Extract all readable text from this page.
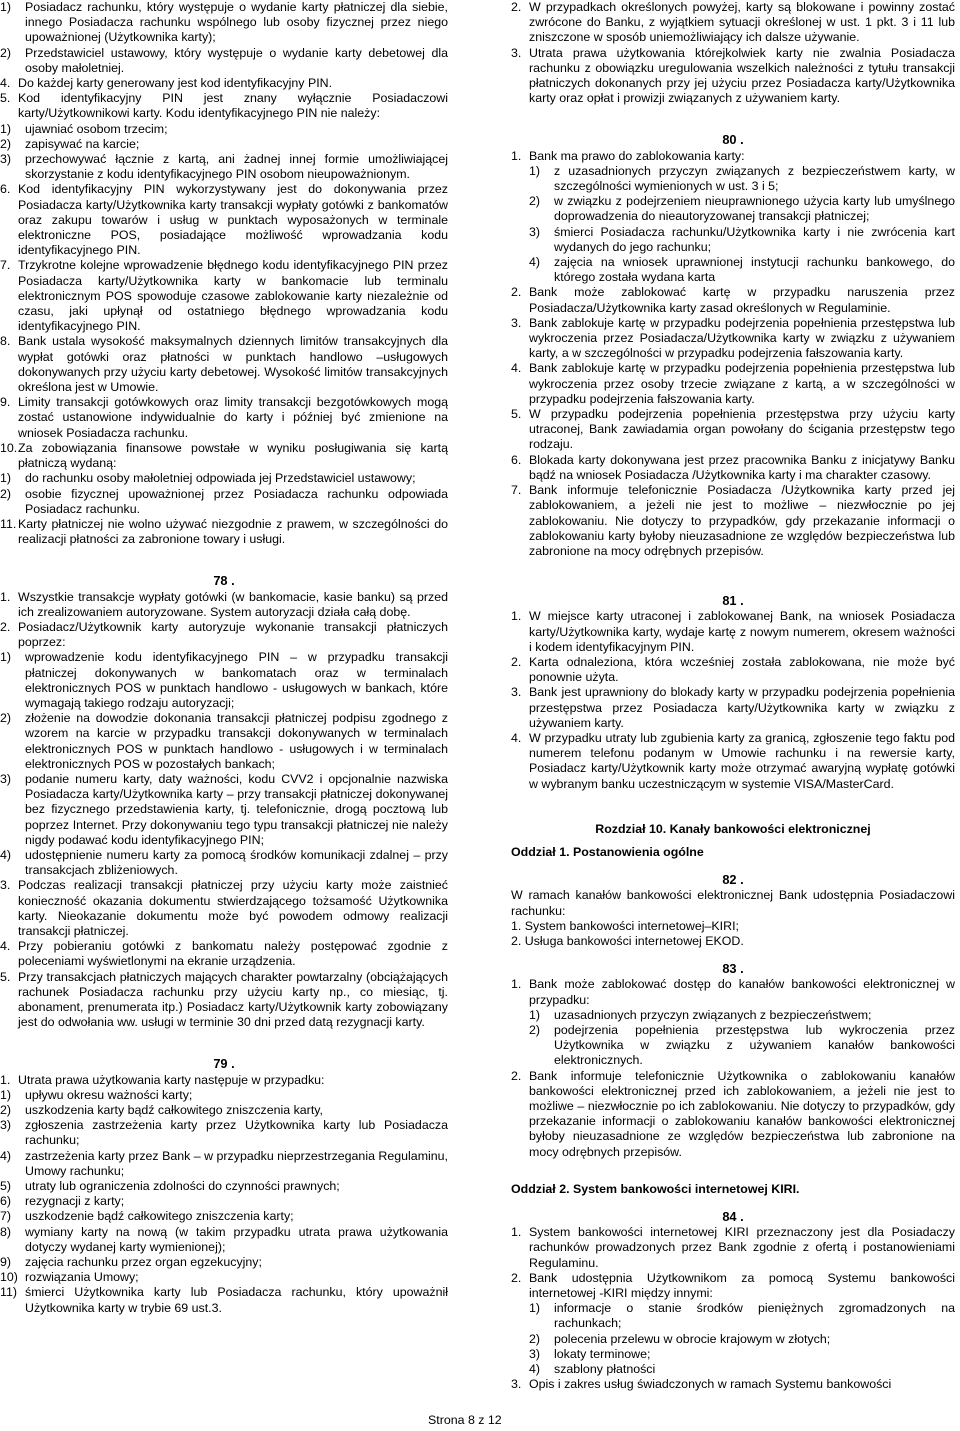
1) Posiadacz rachunku, który występuje o wydanie karty płatniczej dla siebie, innego Posiadacza rachunku wspólnego lub osoby fizycznej przez niego upoważnionej (Użytkownika karty);
2) Przedstawiciel ustawowy, który występuje o wydanie karty debetowej dla osoby małoletniej.
4. Do każdej karty generowany jest kod identyfikacyjny PIN.
5. Kod identyfikacyjny PIN jest znany wyłącznie Posiadaczowi karty/Użytkownikowi karty. Kodu identyfikacyjnego PIN nie należy:
1) ujawniać osobom trzecim;
2) zapisywać na karcie;
3) przechowywać łącznie z kartą, ani żadnej innej formie umożliwiającej skorzystanie z kodu identyfikacyjnego PIN osobom nieupoważnionym.
6. Kod identyfikacyjny PIN wykorzystywany jest do dokonywania przez Posiadacza karty/Użytkownika karty transakcji wypłaty gotówki z bankomatów oraz zakupu towarów i usług w punktach wyposażonych w terminale elektroniczne POS, posiadające możliwość wprowadzania kodu identyfikacyjnego PIN.
7. Trzykrotne kolejne wprowadzenie błędnego kodu identyfikacyjnego PIN przez Posiadacza karty/Użytkownika karty w bankomacie lub terminalu elektronicznym POS spowoduje czasowe zablokowanie karty niezależnie od czasu, jaki upłynął od ostatniego błędnego wprowadzania kodu identyfikacyjnego PIN.
8. Bank ustala wysokość maksymalnych dziennych limitów transakcyjnych dla wypłat gotówki oraz płatności w punktach handlowo –usługowych dokonywanych przy użyciu karty debetowej. Wysokość limitów transakcyjnych określona jest w Umowie.
9. Limity transakcji gotówkowych oraz limity transakcji bezgotówkowych mogą zostać ustanowione indywidualnie do karty i później być zmienione na wniosek Posiadacza rachunku.
10. Za zobowiązania finansowe powstałe w wyniku posługiwania się kartą płatniczą wydaną:
1) do rachunku osoby małoletniej odpowiada jej Przedstawiciel ustawowy;
2) osobie fizycznej upoważnionej przez Posiadacza rachunku odpowiada Posiadacz rachunku.
11. Karty płatniczej nie wolno używać niezgodnie z prawem, w szczególności do realizacji płatności za zabronione towary i usługi.
78 .
1. Wszystkie transakcje wypłaty gotówki (w bankomacie, kasie banku) są przed ich zrealizowaniem autoryzowane. System autoryzacji działa całą dobę.
2. Posiadacz/Użytkownik karty autoryzuje wykonanie transakcji płatniczych poprzez:
1) wprowadzenie kodu identyfikacyjnego PIN – w przypadku transakcji płatniczej dokonywanych w bankomatach oraz w terminalach elektronicznych POS w punktach handlowo - usługowych w bankach, które wymagają takiego rodzaju autoryzacji;
2) złożenie na dowodzie dokonania transakcji płatniczej podpisu zgodnego z wzorem na karcie w przypadku transakcji dokonywanych w terminalach elektronicznych POS w punktach handlowo - usługowych i w terminalach elektronicznych POS w pozostałych bankach;
3) podanie numeru karty, daty ważności, kodu CVV2 i opcjonalnie nazwiska Posiadacza karty/Użytkownika karty – przy transakcji płatniczej dokonywanej bez fizycznego przedstawienia karty, tj. telefonicznie, drogą pocztową lub poprzez Internet. Przy dokonywaniu tego typu transakcji płatniczej nie należy nigdy podawać kodu identyfikacyjnego PIN;
4) udostępnienie numeru karty za pomocą środków komunikacji zdalnej – przy transakcjach zbliżeniowych.
3. Podczas realizacji transakcji płatniczej przy użyciu karty może zaistnieć konieczność okazania dokumentu stwierdzającego tożsamość Użytkownika karty. Nieokazanie dokumentu może być powodem odmowy realizacji transakcji płatniczej.
4. Przy pobieraniu gotówki z bankomatu należy postępować zgodnie z poleceniami wyświetlonymi na ekranie urządzenia.
5. Przy transakcjach płatniczych mających charakter powtarzalny (obciążających rachunek Posiadacza rachunku przy użyciu karty np., co miesiąc, tj. abonament, prenumerata itp.) Posiadacz karty/Użytkownik karty zobowiązany jest do odwołania ww. usługi w terminie 30 dni przed datą rezygnacji karty.
79 .
1. Utrata prawa użytkowania karty następuje w przypadku:
1) upływu okresu ważności karty;
2) uszkodzenia karty bądź całkowitego zniszczenia karty,
3) zgłoszenia zastrzeżenia karty przez Użytkownika karty lub Posiadacza rachunku;
4) zastrzeżenia karty przez Bank – w przypadku nieprzestrzegania Regulaminu, Umowy rachunku;
5) utraty lub ograniczenia zdolności do czynności prawnych;
6) rezygnacji z karty;
7) uszkodzenie bądź całkowitego zniszczenia karty;
8) wymiany karty na nową (w takim przypadku utrata prawa użytkowania dotyczy wydanej karty wymienionej);
9) zajęcia rachunku przez organ egzekucyjny;
10) rozwiązania Umowy;
11) śmierci Użytkownika karty lub Posiadacza rachunku, który upoważnił Użytkownika karty w trybie 69 ust.3.
2. W przypadkach określonych powyżej, karty są blokowane i powinny zostać zwrócone do Banku, z wyjątkiem sytuacji określonej w ust. 1 pkt. 3 i 11 lub zniszczone w sposób uniemożliwiający ich dalsze używanie.
3. Utrata prawa użytkowania którejkolwiek karty nie zwalnia Posiadacza rachunku z obowiązku uregulowania wszelkich należności z tytułu transakcji płatniczych dokonanych przy jej użyciu przez Posiadacza karty/Użytkownika karty oraz opłat i prowizji związanych z używaniem karty.
80 .
1. Bank ma prawo do zablokowania karty:
1) z uzasadnionych przyczyn związanych z bezpieczeństwem karty, w szczególności wymienionych w ust. 3 i 5;
2) w związku z podejrzeniem nieuprawnionego użycia karty lub umyślnego doprowadzenia do nieautoryzowanej transakcji płatniczej;
3) śmierci Posiadacza rachunku/Użytkownika karty i nie zwrócenia kart wydanych do jego rachunku;
4) zajęcia na wniosek uprawnionej instytucji rachunku bankowego, do którego została wydana karta
2. Bank może zablokować kartę w przypadku naruszenia przez Posiadacza/Użytkownika karty zasad określonych w Regulaminie.
3. Bank zablokuje kartę w przypadku podejrzenia popełnienia przestępstwa lub wykroczenia przez Posiadacza/Użytkownika karty w związku z używaniem karty, a w szczególności w przypadku podejrzenia fałszowania karty.
4. Bank zablokuje kartę w przypadku podejrzenia popełnienia przestępstwa lub wykroczenia przez osoby trzecie związane z kartą, a w szczególności w przypadku podejrzenia fałszowania karty.
5. W przypadku podejrzenia popełnienia przestępstwa przy użyciu karty utraconej, Bank zawiadamia organ powołany do ścigania przestępstw tego rodzaju.
6. Blokada karty dokonywana jest przez pracownika Banku z inicjatywy Banku bądź na wniosek Posiadacza /Użytkownika karty i ma charakter czasowy.
7. Bank informuje telefonicznie Posiadacza /Użytkownika karty przed jej zablokowaniem, a jeżeli nie jest to możliwe – niezwłocznie po jej zablokowaniu. Nie dotyczy to przypadków, gdy przekazanie informacji o zablokowaniu karty byłoby nieuzasadnione ze względów bezpieczeństwa lub zabronione na mocy odrębnych przepisów.
81 .
1. W miejsce karty utraconej i zablokowanej Bank, na wniosek Posiadacza karty/Użytkownika karty, wydaje kartę z nowym numerem, okresem ważności i kodem identyfikacyjnym PIN.
2. Karta odnaleziona, która wcześniej została zablokowana, nie może być ponownie użyta.
3. Bank jest uprawniony do blokady karty w przypadku podejrzenia popełnienia przestępstwa przez Posiadacza karty/Użytkownika karty w związku z używaniem karty.
4. W przypadku utraty lub zgubienia karty za granicą, zgłoszenie tego faktu pod numerem telefonu podanym w Umowie rachunku i na rewersie karty, Posiadacz karty/Użytkownik karty może otrzymać awaryjną wypłatę gotówki w wybranym banku uczestniczącym w systemie VISA/MasterCard.
Rozdział 10. Kanały bankowości elektronicznej
Oddział 1. Postanowienia ogólne
82 .
W ramach kanałów bankowości elektronicznej Bank udostępnia Posiadaczowi rachunku:
1. System bankowości internetowej–KIRI;
2. Usługa bankowości internetowej EKOD.
83 .
1. Bank może zablokować dostęp do kanałów bankowości elektronicznej w przypadku:
1) uzasadnionych przyczyn związanych z bezpieczeństwem;
2) podejrzenia popełnienia przestępstwa lub wykroczenia przez Użytkownika w związku z używaniem kanałów bankowości elektronicznych.
2. Bank informuje telefonicznie Użytkownika o zablokowaniu kanałów bankowości elektronicznej przed ich zablokowaniem, a jeżeli nie jest to możliwe – niezwłocznie po ich zablokowaniu. Nie dotyczy to przypadków, gdy przekazanie informacji o zablokowaniu kanałów bankowości elektronicznej byłoby nieuzasadnione ze względów bezpieczeństwa lub zabronione na mocy odrębnych przepisów.
Oddział 2. System bankowości internetowej KIRI.
84 .
1. System bankowości internetowej KIRI przeznaczony jest dla Posiadaczy rachunków prowadzonych przez Bank zgodnie z ofertą i postanowieniami Regulaminu.
2. Bank udostępnia Użytkownikom za pomocą Systemu bankowości internetowej -KIRI między innymi:
1) informacje o stanie środków pieniężnych zgromadzonych na rachunkach;
2) polecenia przelewu w obrocie krajowym w złotych;
3) lokaty terminowe;
4) szablony płatności
3. Opis i zakres usług świadczonych w ramach Systemu bankowości
Strona 8 z 12
